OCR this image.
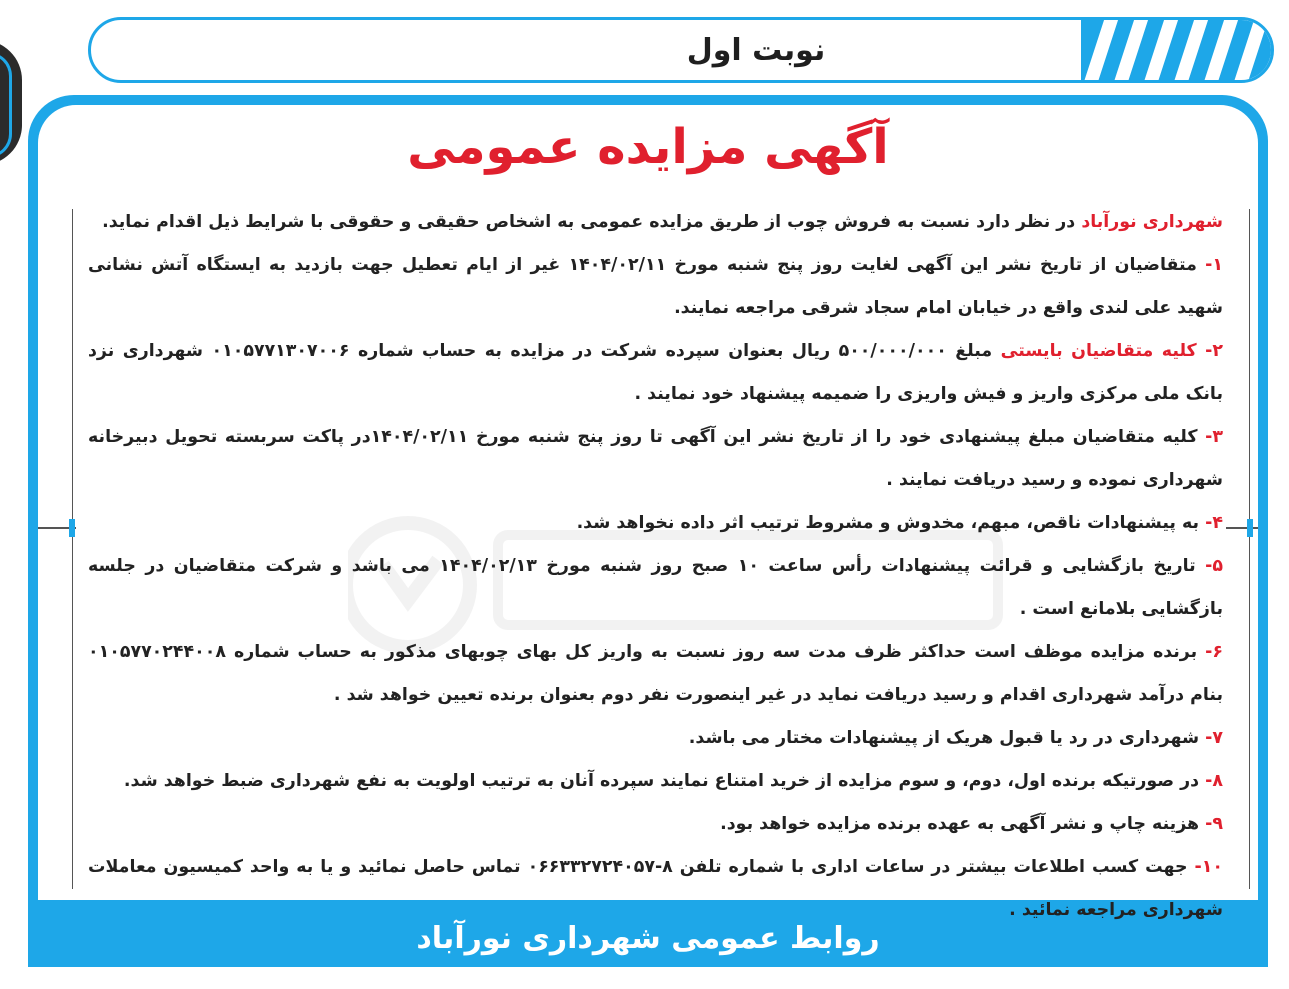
نوبت اول
آگهی مزایده عمومی

شهرداری نورآباد در نظر دارد نسبت به فروش چوب از طریق مزایده عمومی به اشخاص حقیقی و حقوقی با شرایط ذیل اقدام نماید.

۱- متقاضیان از تاریخ نشر این آگهی لغایت روز پنج شنبه مورخ ۱۴۰۴/۰۲/۱۱ غیر از ایام تعطیل جهت بازدید به ایستگاه آتش نشانی شهید علی لندی واقع در خیابان امام سجاد شرقی مراجعه نمایند.

۲- کلیه متقاضیان بایستی مبلغ ۵۰۰/۰۰۰/۰۰۰ ریال بعنوان سپرده شرکت در مزایده به حساب شماره ۰۱۰۵۷۷۱۳۰۷۰۰۶ شهرداری نزد بانک ملی مرکزی واریز و فیش واریزی را ضمیمه پیشنهاد خود نمایند .

۳- کلیه متقاضیان مبلغ پیشنهادی خود را از تاریخ نشر این آگهی تا روز پنج شنبه مورخ ۱۴۰۴/۰۲/۱۱در پاکت سربسته تحویل دبیرخانه شهرداری نموده و رسید دریافت نمایند .

۴- به پیشنهادات ناقص، مبهم، مخدوش و مشروط ترتیب اثر داده نخواهد شد.

۵- تاریخ بازگشایی و قرائت پیشنهادات رأس ساعت ۱۰ صبح روز شنبه مورخ ۱۴۰۴/۰۲/۱۳ می باشد و شرکت متقاضیان در جلسه بازگشایی بلامانع است .

۶- برنده مزایده موظف است حداکثر ظرف مدت سه روز نسبت به واریز کل بهای چوبهای مذکور به حساب شماره ۰۱۰۵۷۷۰۲۴۴۰۰۸ بنام درآمد شهرداری اقدام و رسید دریافت نماید در غیر اینصورت نفر دوم بعنوان برنده تعیین خواهد شد .

۷- شهرداری در رد یا قبول هریک از پیشنهادات مختار می باشد.

۸- در صورتیکه برنده اول، دوم، و سوم مزایده از خرید امتناع نمایند سپرده آنان به ترتیب اولویت به نفع شهرداری ضبط خواهد شد.

۹- هزینه چاپ و نشر آگهی به عهده برنده مزایده خواهد بود.

۱۰- جهت کسب اطلاعات بیشتر در ساعات اداری با شماره تلفن ۸-۰۶۶۳۳۲۷۲۴۰۵۷ تماس حاصل نمائید و یا به واحد کمیسیون معاملات شهرداری مراجعه نمائید .

روابط عمومی شهرداری نورآباد
